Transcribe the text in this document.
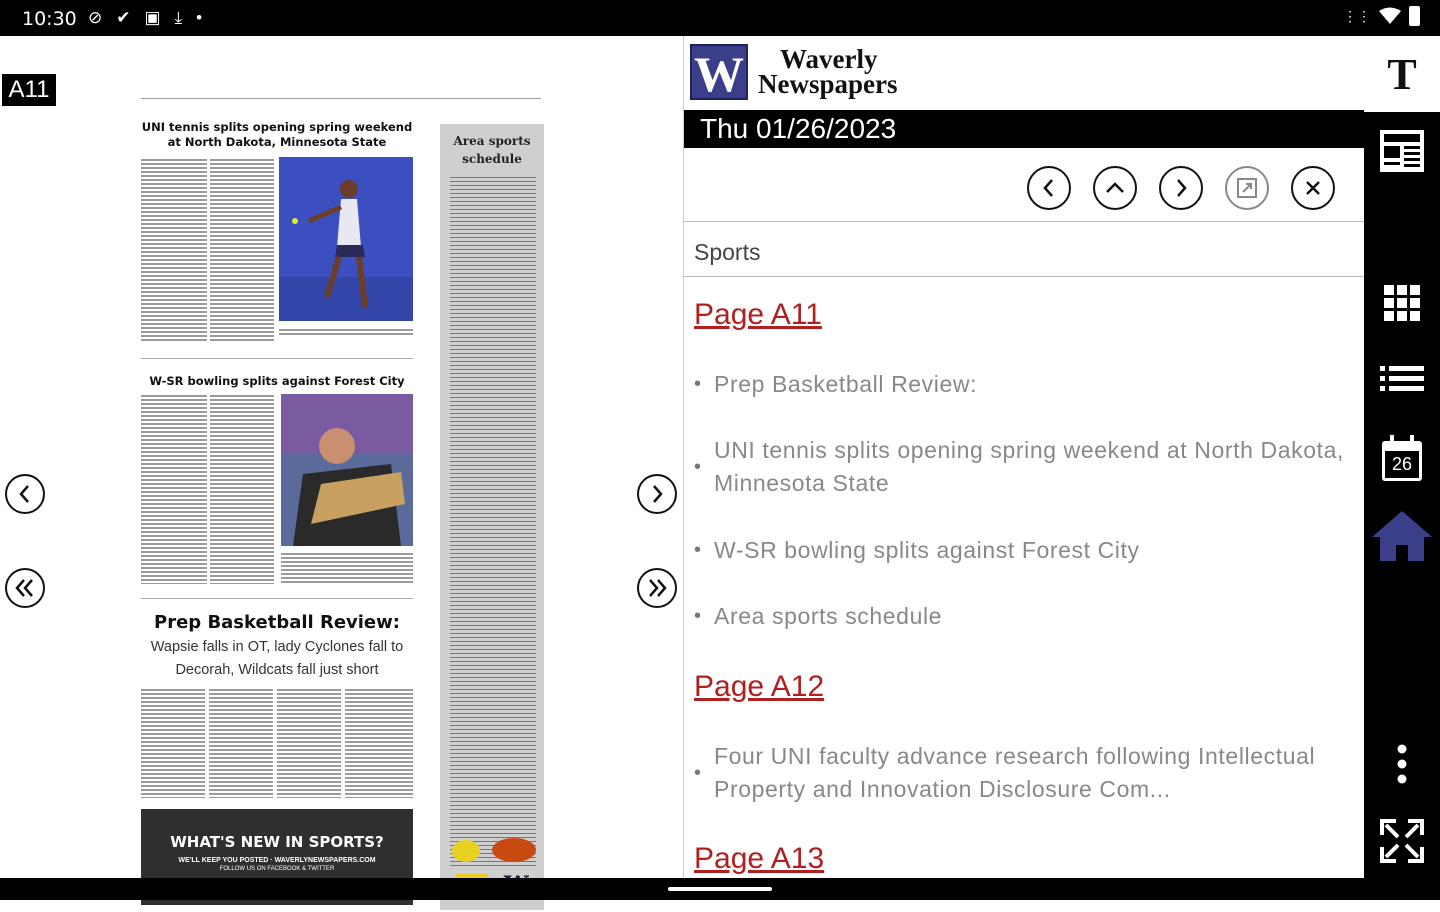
10:30 ⊘ ✔ ▣ ⤓ •	⋮⋮
A11
UNI tennis splits opening spring weekend at North Dakota, Minnesota State
W-SR bowling splits against Forest City
Prep Basketball Review:
Wapsie falls in OT, lady Cyclones fall to Decorah, Wildcats fall just short
WHAT'S NEW IN SPORTS?
WE'LL KEEP YOU POSTED · WAVERLYNEWSPAPERS.COM
FOLLOW US ON FACEBOOK & TWITTER
Area sports schedule
W	Waverly
Newspapers
Thu 01/26/2023
Sports
Page A11
• Prep Basketball Review:
•
UNI tennis splits opening spring weekend at North Dakota, Minnesota State
• W-SR bowling splits against Forest City
• Area sports schedule
Page A12
•
Four UNI faculty advance research following Intellectual Property and Innovation Disclosure Com...
Page A13
T
26
